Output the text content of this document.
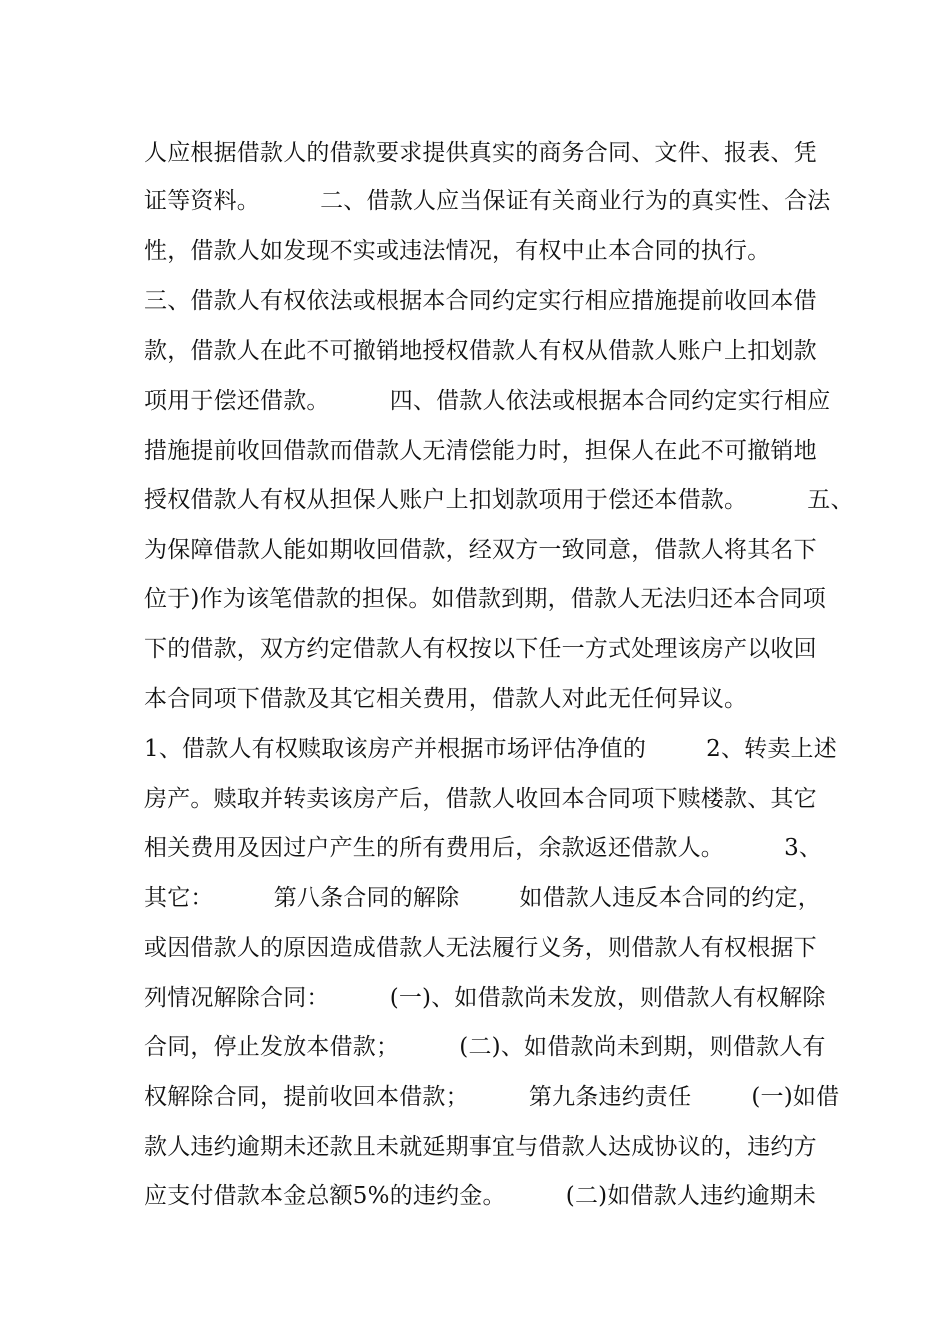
人应根据借款人的借款要求提供真实的商务合同、文件、报表、凭
证等资料。        二、借款人应当保证有关商业行为的真实性、合法
性，借款人如发现不实或违法情况，有权中止本合同的执行。
三、借款人有权依法或根据本合同约定实行相应措施提前收回本借
款，借款人在此不可撤销地授权借款人有权从借款人账户上扣划款
项用于偿还借款。        四、借款人依法或根据本合同约定实行相应
措施提前收回借款而借款人无清偿能力时，担保人在此不可撤销地
授权借款人有权从担保人账户上扣划款项用于偿还本借款。        五、
为保障借款人能如期收回借款，经双方一致同意，借款人将其名下
位于)作为该笔借款的担保。如借款到期，借款人无法归还本合同项
下的借款，双方约定借款人有权按以下任一方式处理该房产以收回
本合同项下借款及其它相关费用，借款人对此无任何异议。
1、借款人有权赎取该房产并根据市场评估净值的        2、转卖上述
房产。赎取并转卖该房产后，借款人收回本合同项下赎楼款、其它
相关费用及因过户产生的所有费用后，余款返还借款人。        3、
其它：        第八条合同的解除        如借款人违反本合同的约定，
或因借款人的原因造成借款人无法履行义务，则借款人有权根据下
列情况解除合同：        (一)、如借款尚未发放，则借款人有权解除
合同，停止发放本借款；        (二)、如借款尚未到期，则借款人有
权解除合同，提前收回本借款；        第九条违约责任        (一)如借
款人违约逾期未还款且未就延期事宜与借款人达成协议的，违约方
应支付借款本金总额5%的违约金。        (二)如借款人违约逾期未
